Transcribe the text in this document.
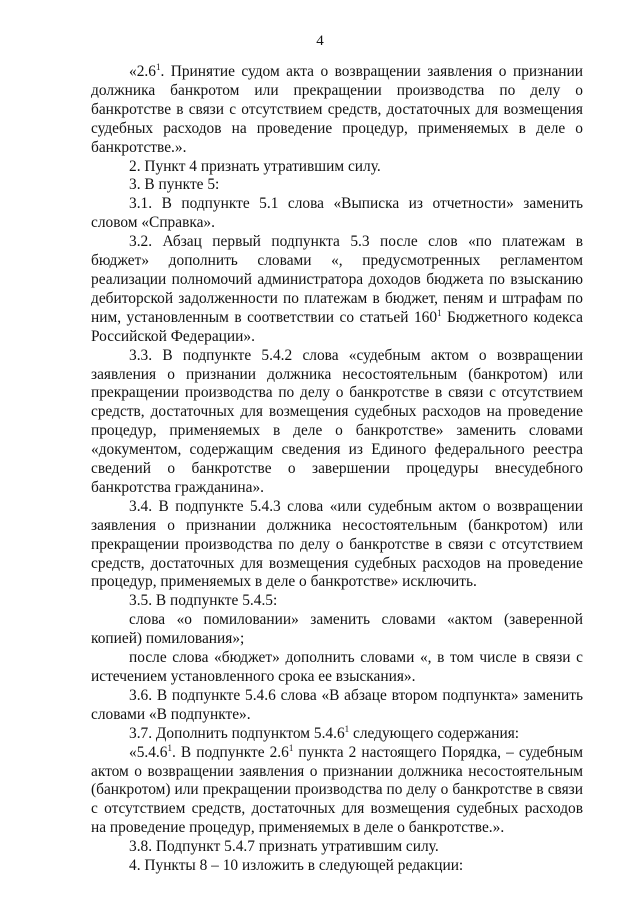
4

«$2.6^1$. Принятие судом акта о возвращении заявления о признании должника банкротом или прекращении производства по делу о банкротстве в связи с отсутствием средств, достаточных для возмещения судебных расходов на проведение процедур, применяемых в деле о банкротстве.».

2. Пункт 4 признать утратившим силу.

3. В пункте 5:

3.1. В подпункте 5.1 слова «Выписка из отчетности» заменить словом «Справка».

3.2. Абзац первый подпункта 5.3 после слов «по платежам в бюджет» дополнить словами «, предусмотренных регламентом реализации полномочий администратора доходов бюджета по взысканию дебиторской задолженности по платежам в бюджет, пеням и штрафам по ним, установленным в соответствии со статьей $160^1$ Бюджетного кодекса Российской Федерации».

3.3. В подпункте 5.4.2 слова «судебным актом о возвращении заявления о признании должника несостоятельным (банкротом) или прекращении производства по делу о банкротстве в связи с отсутствием средств, достаточных для возмещения судебных расходов на проведение процедур, применяемых в деле о банкротстве» заменить словами «документом, содержащим сведения из Единого федерального реестра сведений о банкротстве о завершении процедуры внесудебного банкротства гражданина».

3.4. В подпункте 5.4.3 слова «или судебным актом о возвращении заявления о признании должника несостоятельным (банкротом) или прекращении производства по делу о банкротстве в связи с отсутствием средств, достаточных для возмещения судебных расходов на проведение процедур, применяемых в деле о банкротстве» исключить.

3.5. В подпункте 5.4.5:

слова «о помиловании» заменить словами «актом (заверенной копией) помилования»;

после слова «бюджет» дополнить словами «, в том числе в связи с истечением установленного срока ее взыскания».

3.6. В подпункте 5.4.6 слова «В абзаце втором подпункта» заменить словами «В подпункте».

3.7. Дополнить подпунктом 5.4.6$^1$ следующего содержания:

«5.4.6$^1$. В подпункте $2.6^1$ пункта 2 настоящего Порядка, – судебным актом о возвращении заявления о признании должника несостоятельным (банкротом) или прекращении производства по делу о банкротстве в связи с отсутствием средств, достаточных для возмещения судебных расходов на проведение процедур, применяемых в деле о банкротстве.».

3.8. Подпункт 5.4.7 признать утратившим силу.

4. Пункты 8 – 10 изложить в следующей редакции:
